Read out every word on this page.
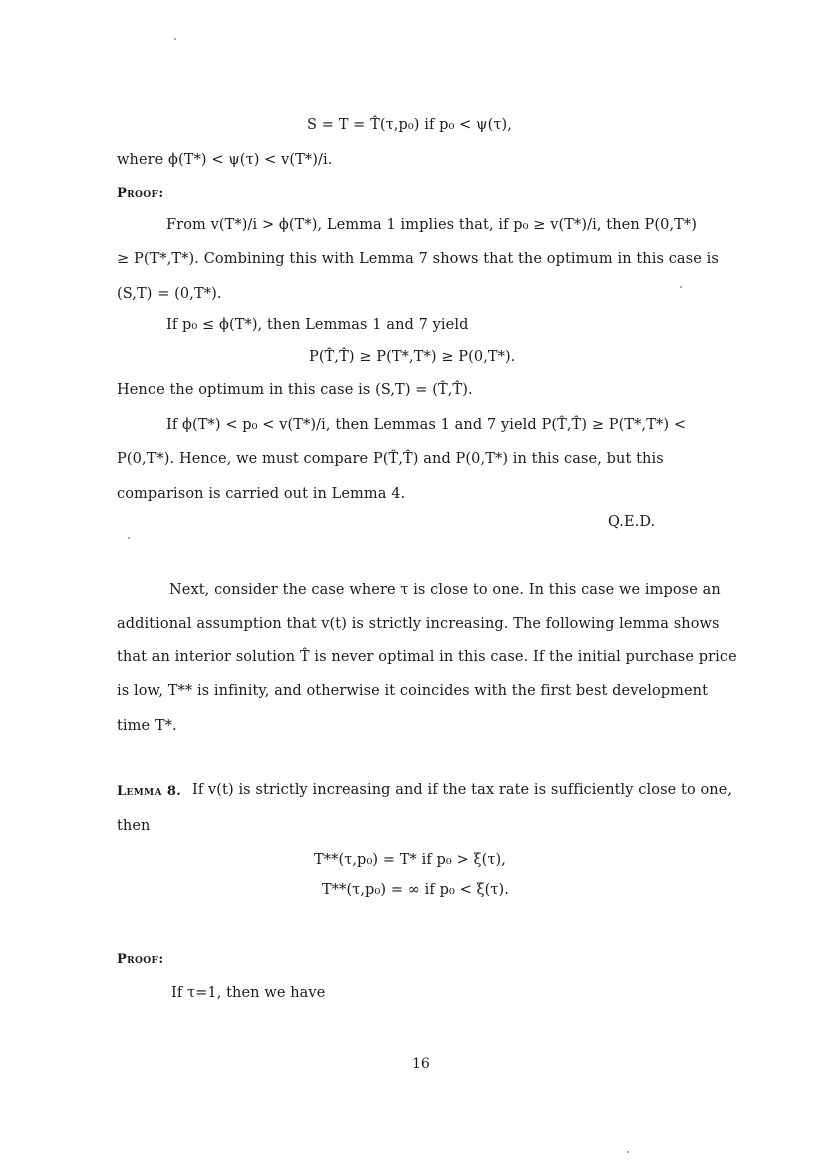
S = T = T̂(τ,p₀) if p₀ < ψ(τ),
where ϕ(T*) < ψ(τ) < v(T*)/i.
Proof:
From v(T*)/i > ϕ(T*), Lemma 1 implies that, if p₀ ≥ v(T*)/i, then P(0,T*)
≥ P(T*,T*). Combining this with Lemma 7 shows that the optimum in this case is
(S,T) = (0,T*).
If p₀ ≤ ϕ(T*), then Lemmas 1 and 7 yield
P(T̂,T̂) ≥ P(T*,T*) ≥ P(0,T*).
Hence the optimum in this case is (S,T) = (T̂,T̂).
If ϕ(T*) < p₀ < v(T*)/i, then Lemmas 1 and 7 yield P(T̂,T̂) ≥ P(T*,T*) <
P(0,T*). Hence, we must compare P(T̂,T̂) and P(0,T*) in this case, but this
comparison is carried out in Lemma 4.
Q.E.D.
Next, consider the case where τ is close to one. In this case we impose an
additional assumption that v(t) is strictly increasing. The following lemma shows
that an interior solution T̂ is never optimal in this case. If the initial purchase price
is low, T** is infinity, and otherwise it coincides with the first best development
time T*.
Lemma 8. If v(t) is strictly increasing and if the tax rate is sufficiently close to one,
then
T**(τ,p₀) = T* if p₀ > ξ(τ),
T**(τ,p₀) = ∞ if p₀ < ξ(τ).
Proof:
If τ=1, then we have
16
